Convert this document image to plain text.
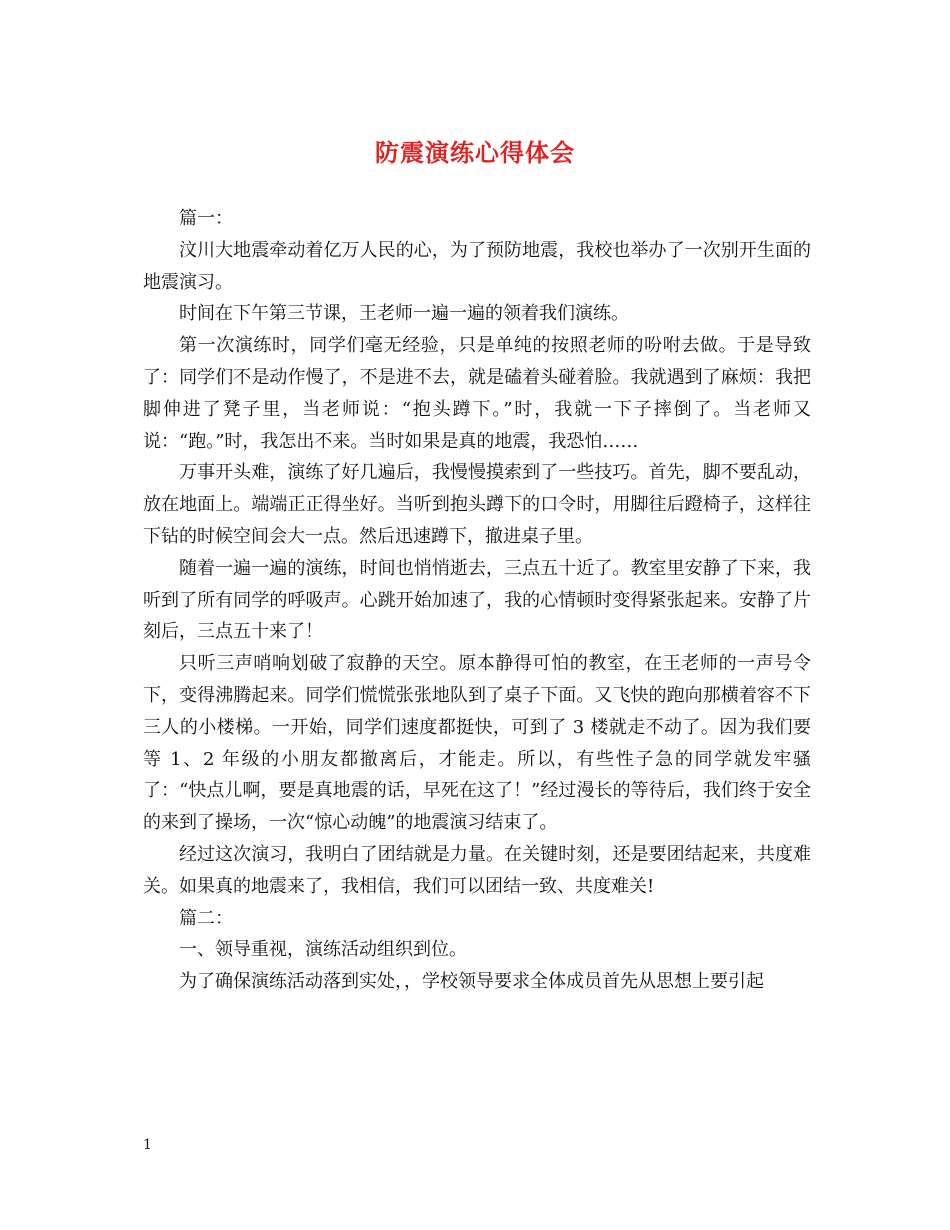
防震演练心得体会

篇一：

汶川大地震牵动着亿万人民的心，为了预防地震，我校也举办了一次别开生面的地震演习。

时间在下午第三节课，王老师一遍一遍的领着我们演练。

第一次演练时，同学们毫无经验，只是单纯的按照老师的吩咐去做。于是导致了：同学们不是动作慢了，不是进不去，就是磕着头碰着脸。我就遇到了麻烦：我把脚伸进了凳子里，当老师说：“抱头蹲下。”时，我就一下子摔倒了。当老师又说：“跑。”时，我怎出不来。当时如果是真的地震，我恐怕……

万事开头难，演练了好几遍后，我慢慢摸索到了一些技巧。首先，脚不要乱动，放在地面上。端端正正得坐好。当听到抱头蹲下的口令时，用脚往后蹬椅子，这样往下钻的时候空间会大一点。然后迅速蹲下，撤进桌子里。

随着一遍一遍的演练，时间也悄悄逝去，三点五十近了。教室里安静了下来，我听到了所有同学的呼吸声。心跳开始加速了，我的心情顿时变得紧张起来。安静了片刻后，三点五十来了！

只听三声哨响划破了寂静的天空。原本静得可怕的教室，在王老师的一声号令下，变得沸腾起来。同学们慌慌张张地队到了桌子下面。又飞快的跑向那横着容不下三人的小楼梯。一开始，同学们速度都挺快，可到了 3 楼就走不动了。因为我们要等 1、2 年级的小朋友都撤离后，才能走。所以，有些性子急的同学就发牢骚了：“快点儿啊，要是真地震的话，早死在这了！”经过漫长的等待后，我们终于安全的来到了操场，一次“惊心动魄”的地震演习结束了。

经过这次演习，我明白了团结就是力量。在关键时刻，还是要团结起来，共度难关。如果真的地震来了，我相信，我们可以团结一致、共度难关!

篇二：

一、领导重视，演练活动组织到位。

为了确保演练活动落到实处，，学校领导要求全体成员首先从思想上要引起

1
